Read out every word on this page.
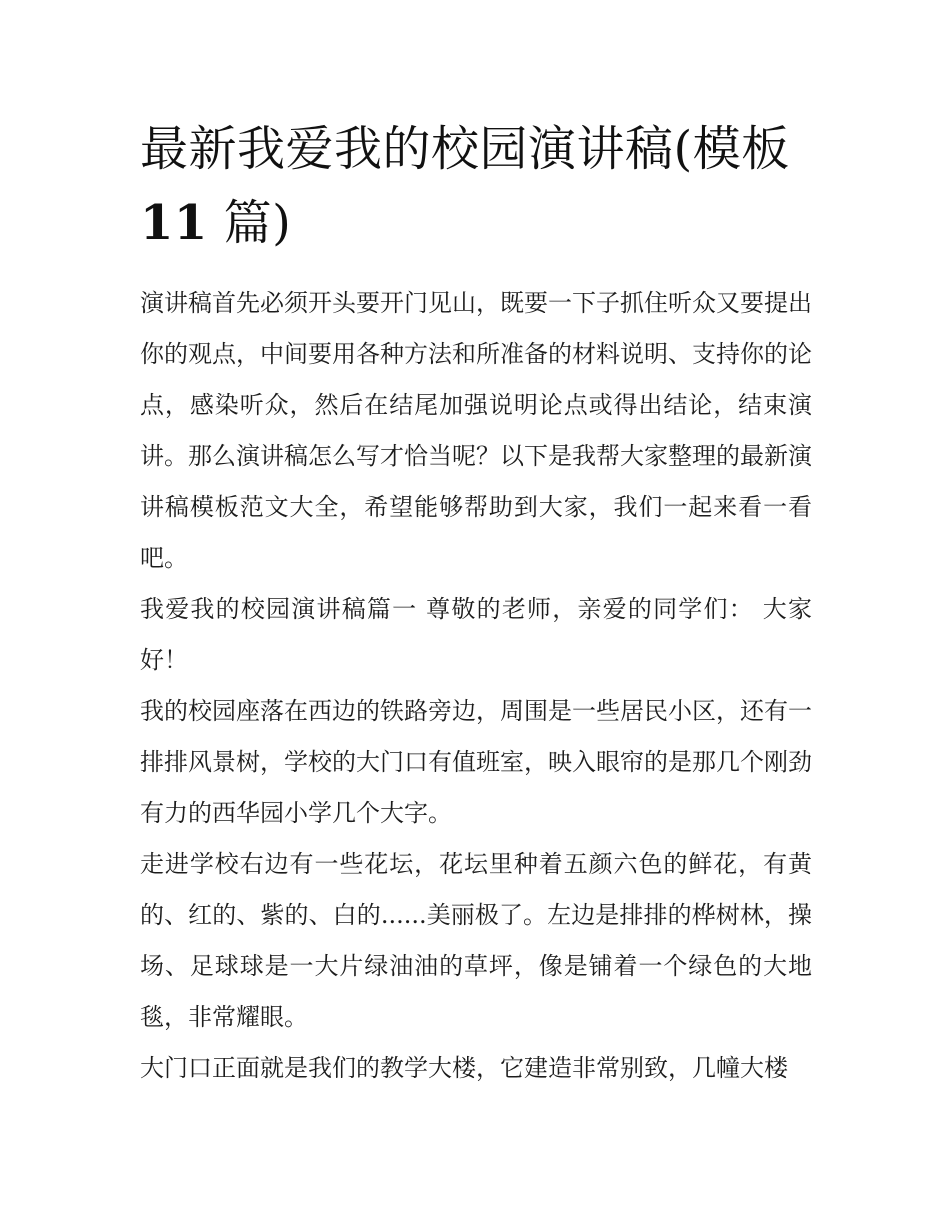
最新我爱我的校园演讲稿(模板11 篇)

演讲稿首先必须开头要开门见山，既要一下子抓住听众又要提出你的观点，中间要用各种方法和所准备的材料说明、支持你的论点，感染听众，然后在结尾加强说明论点或得出结论，结束演讲。那么演讲稿怎么写才恰当呢？以下是我帮大家整理的最新演讲稿模板范文大全，希望能够帮助到大家，我们一起来看一看吧。

我爱我的校园演讲稿篇一 尊敬的老师，亲爱的同学们： 大家好！

我的校园座落在西边的铁路旁边，周围是一些居民小区，还有一排排风景树，学校的大门口有值班室，映入眼帘的是那几个刚劲有力的西华园小学几个大字。

走进学校右边有一些花坛，花坛里种着五颜六色的鲜花，有黄的、红的、紫的、白的......美丽极了。左边是排排的桦树林，操场、足球球是一大片绿油油的草坪，像是铺着一个绿色的大地毯，非常耀眼。

大门口正面就是我们的教学大楼，它建造非常别致，几幢大楼
